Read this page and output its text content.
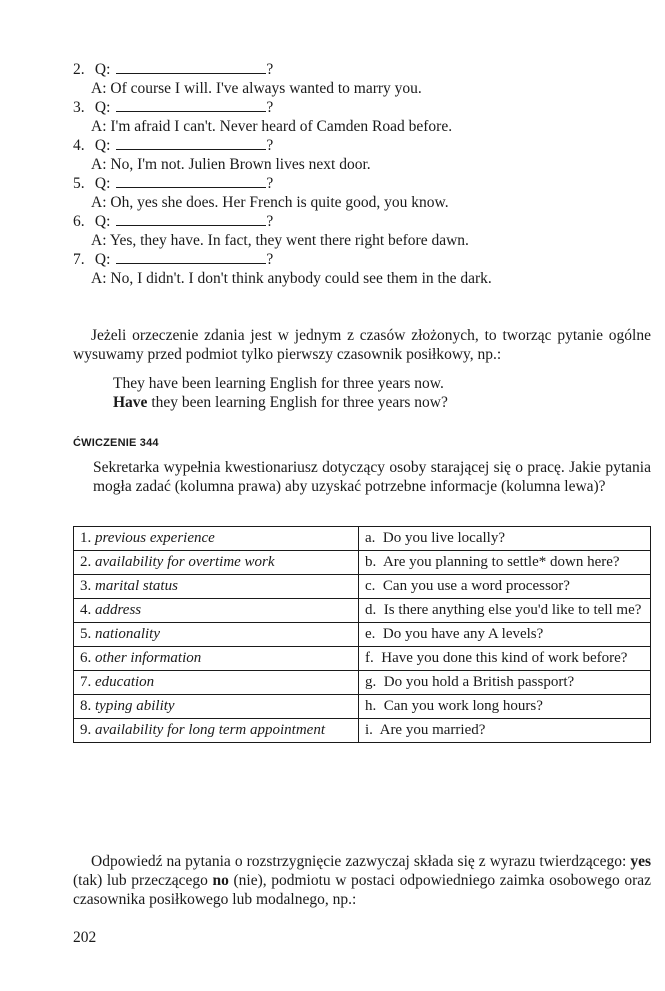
2. Q:	?
A: Of course I will. I've always wanted to marry you.
3. Q:	?
A: I'm afraid I can't. Never heard of Camden Road before.
4. Q:	?
A: No, I'm not. Julien Brown lives next door.
5. Q:	?
A: Oh, yes she does. Her French is quite good, you know.
6. Q:	?
A: Yes, they have. In fact, they went there right before dawn.
7. Q:	?
A: No, I didn't. I don't think anybody could see them in the dark.
Jeżeli orzeczenie zdania jest w jednym z czasów złożonych, to tworząc pytanie ogólne wysuwamy przed podmiot tylko pierwszy czasownik posiłkowy, np.:
They have been learning English for three years now.
Have they been learning English for three years now?
ĆWICZENIE 344
Sekretarka wypełnia kwestionariusz dotyczący osoby starającej się o pracę. Jakie pytania mogła zadać (kolumna prawa) aby uzyskać potrzebne informacje (kolumna lewa)?
1. previous experience	a. Do you live locally?

2. availability for overtime work	b. Are you planning to settle* down here?

3. marital status	c. Can you use a word processor?

4. address	d. Is there anything else you'd like to tell me?

5. nationality	e. Do you have any A levels?

6. other information	f. Have you done this kind of work before?

7. education	g. Do you hold a British passport?

8. typing ability	h. Can you work long hours?

9. availability for long term appointment	i. Are you married?
Odpowiedź na pytania o rozstrzygnięcie zazwyczaj składa się z wyrazu twierdzącego: yes (tak) lub przeczącego no (nie), podmiotu w postaci odpowiedniego zaimka osobowego oraz czasownika posiłkowego lub modalnego, np.:
202
